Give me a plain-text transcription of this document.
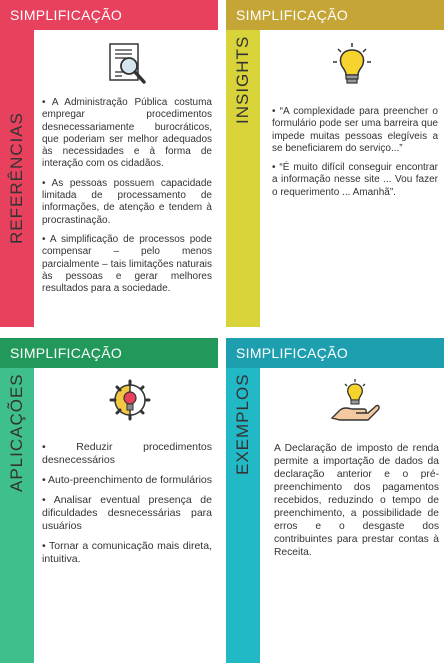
SIMPLIFICAÇÃO
REFERÊNCIAS

• A Administração Pública costuma empregar procedimentos desnecessariamente burocráticos, que poderiam ser melhor adequados às necessidades e à forma de interação com os cidadãos.

• As pessoas possuem capacidade limitada de processamento de informações, de atenção e tendem à procrastinação.

• A simplificação de processos pode compensar – pelo menos parcialmente – tais limitações naturais às pessoas e gerar melhores resultados para a sociedade.

SIMPLIFICAÇÃO
INSIGHTS • “A complexidade para preencher o formulário pode ser uma barreira que impede muitas pessoas elegíveis a se beneficiarem do serviço...”

• “É muito difícil conseguir encontrar a informação nesse site ... Vou fazer o requerimento ... Amanhã”.

SIMPLIFICAÇÃO
APLICAÇÕES • Reduzir procedimentos desnecessários

• Auto-preenchimento de formulários

• Analisar eventual presença de dificuldades desnecessárias para usuários

• Tornar a comunicação mais direta, intuitiva.

SIMPLIFICAÇÃO
EXEMPLOS A Declaração de imposto de renda permite a importação de dados da declaração anterior e o pré-preenchimento dos pagamentos recebidos, reduzindo o tempo de preenchimento, a possibilidade de erros e o desgaste dos contribuintes para prestar contas à Receita.
